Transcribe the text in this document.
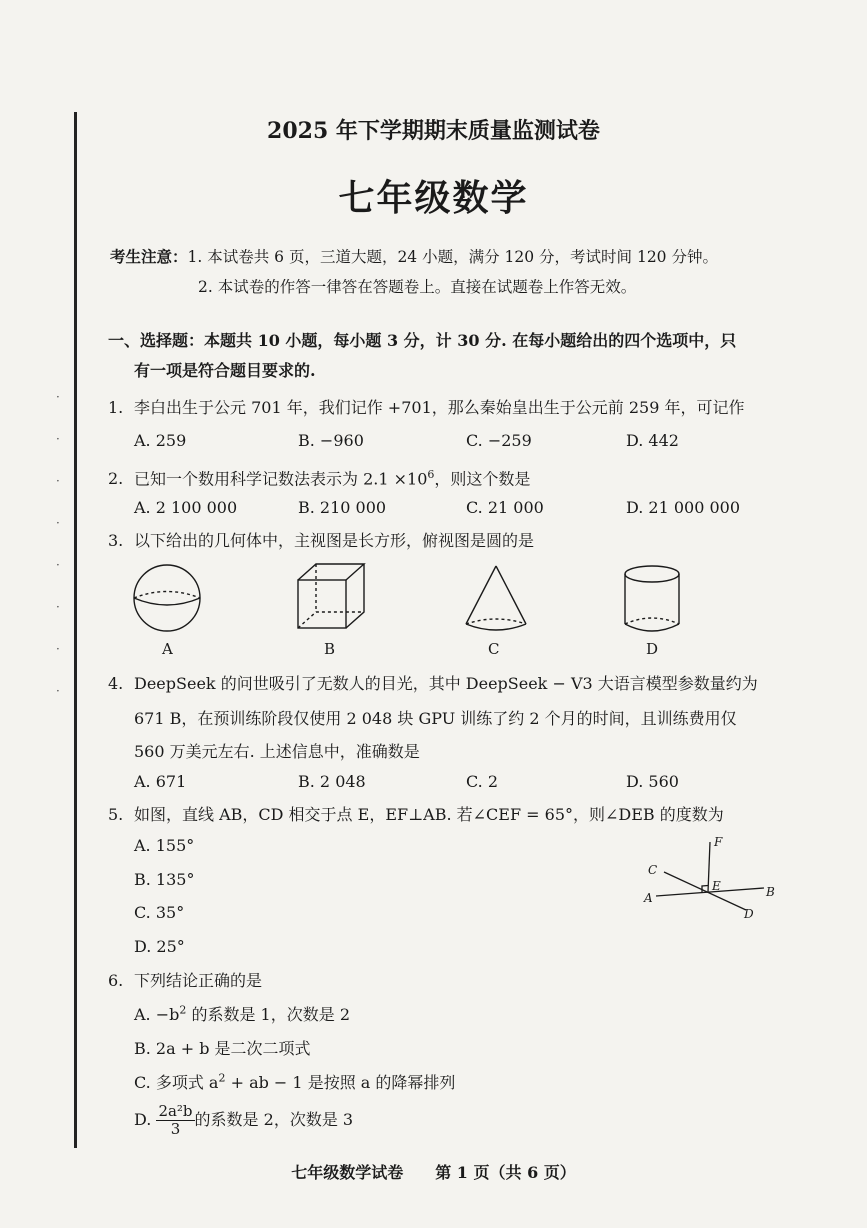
·
·
·
·
·
·
·
·
2025 年下学期期末质量监测试卷
七年级数学
考生注意：1. 本试卷共 6 页，三道大题，24 小题，满分 120 分，考试时间 120 分钟。
2. 本试卷的作答一律答在答题卷上。直接在试题卷上作答无效。
一、选择题：本题共 10 小题，每小题 3 分，计 30 分. 在每小题给出的四个选项中，只
有一项是符合题目要求的.
1. 李白出生于公元 701 年，我们记作 +701，那么秦始皇出生于公元前 259 年，可记作
A. 259	B. −960	C. −259	D. 442
2. 已知一个数用科学记数法表示为 $2.1 \times 10^6$，则这个数是
A. 2 100 000	B. 210 000	C. 21 000	D. 21 000 000
3. 以下给出的几何体中，主视图是长方形，俯视图是圆的是
A	B	C	D
4. DeepSeek 的问世吸引了无数人的目光，其中 DeepSeek − V3 大语言模型参数量约为
671 B，在预训练阶段仅使用 2 048 块 GPU 训练了约 2 个月的时间，且训练费用仅
560 万美元左右. 上述信息中，准确数是
A. 671	B. 2 048	C. 2	D. 560
5. 如图，直线 AB，CD 相交于点 E，EF⊥AB. 若∠CEF = 65°，则∠DEB 的度数为
A. 155°
B. 135°
C. 35°
D. 25°
A	B
C
D
E
F
6. 下列结论正确的是
A. $-b^2$ 的系数是 1，次数是 2
B. 2a + b 是二次二项式
C. 多项式 $a^2$ + ab − 1 是按照 a 的降幂排列
D. $\frac{\text{2a²b}}{3}$ 的系数是 2，次数是 3
七年级数学试卷 第 1 页（共 6 页）
